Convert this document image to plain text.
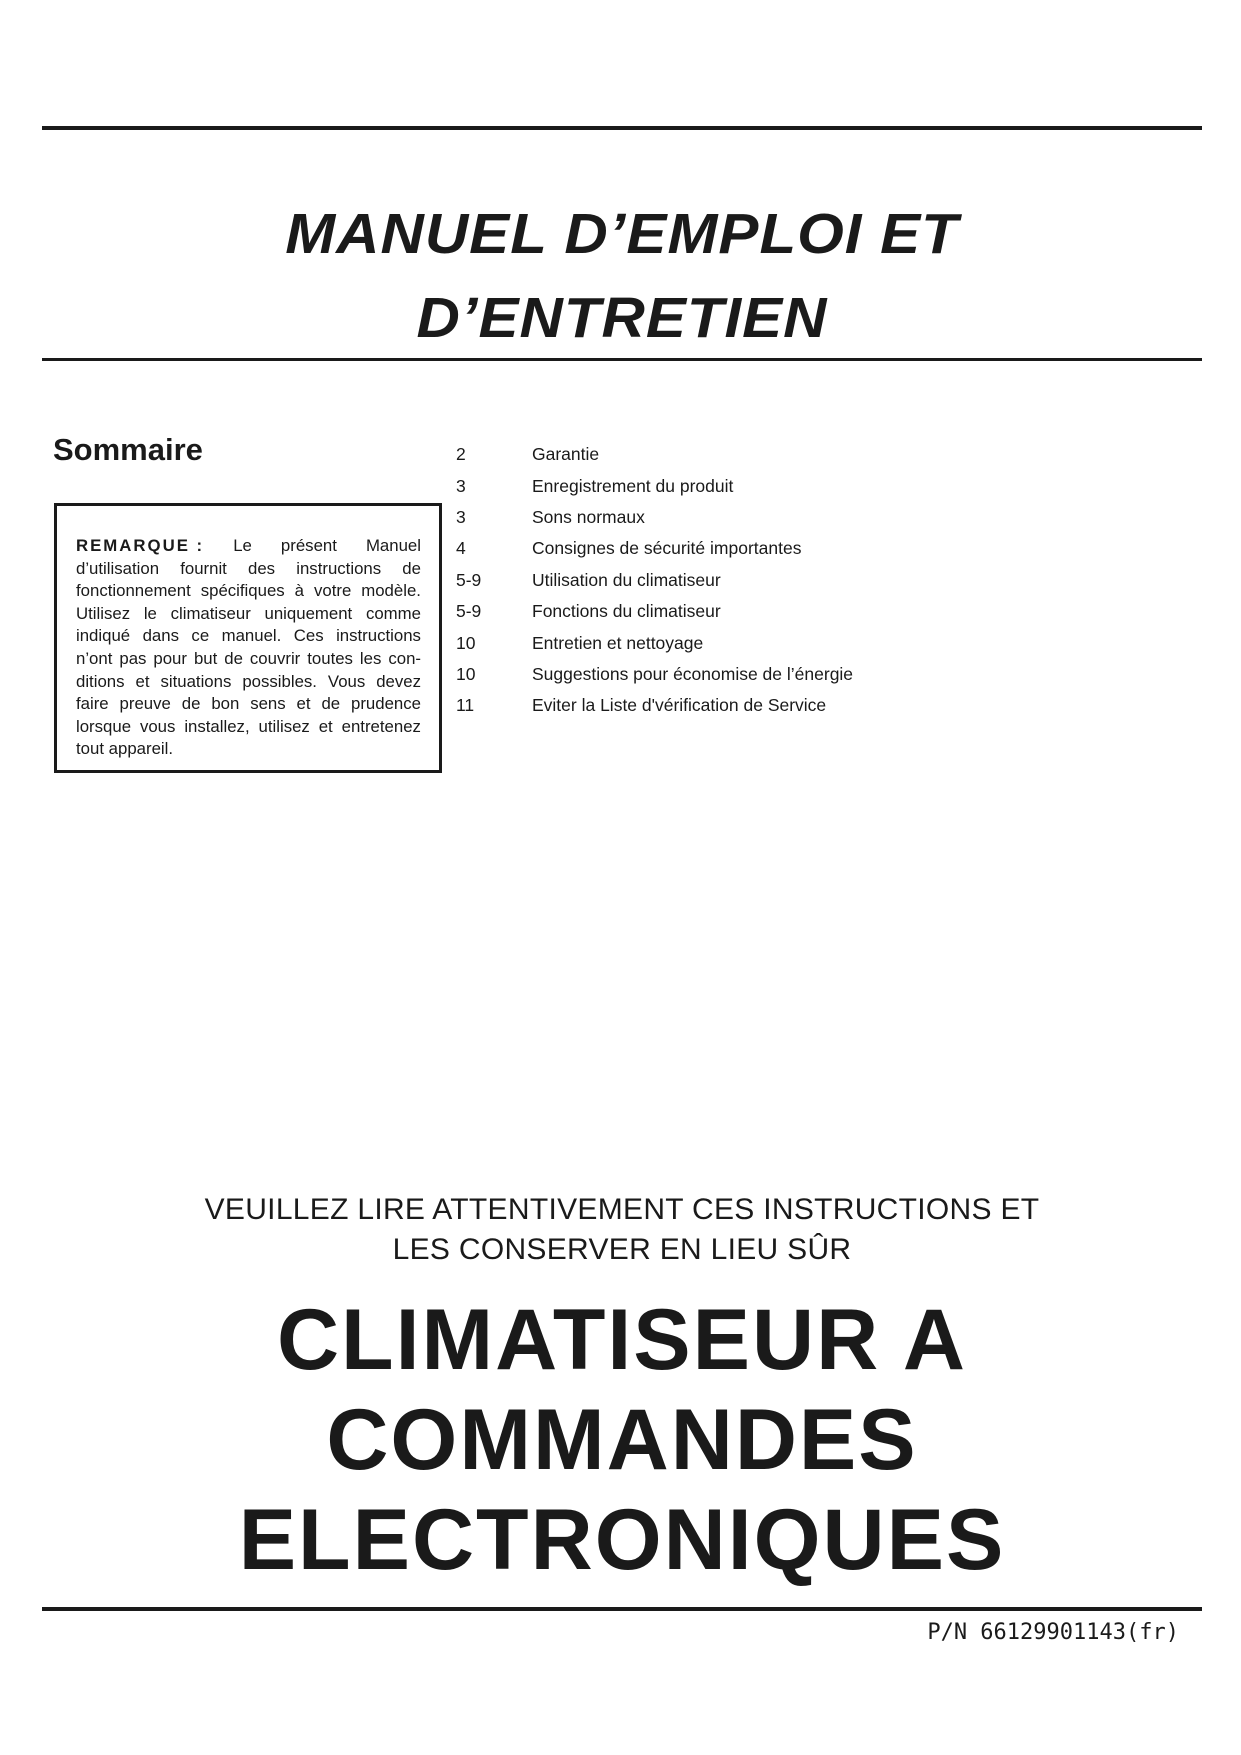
MANUEL D’EMPLOI ET
D’ENTRETIEN
Sommaire
REMARQUE : Le présent Manuel
d’utilisation fournit des instructions de
fonctionnement spécifiques à votre modèle.
Utilisez le climatiseur uniquement comme
indiqué dans ce manuel. Ces instructions
n’ont pas pour but de couvrir toutes les con-
ditions et situations possibles. Vous devez
faire preuve de bon sens et de prudence
lorsque vous installez, utilisez et entretenez
tout
appareil.
2	Garantie
3	Enregistrement du produit
3	Sons normaux
4	Consignes de sécurité importantes
5-9	Utilisation du climatiseur
5-9	Fonctions du climatiseur
10	Entretien et nettoyage
10	Suggestions pour économise de l’énergie
11	Eviter la Liste d'vérification de Service
VEUILLEZ LIRE ATTENTIVEMENT CES INSTRUCTIONS ET
LES CONSERVER EN LIEU SÛR
CLIMATISEUR A
COMMANDES
ELECTRONIQUES
P/N 66129901143(fr)
